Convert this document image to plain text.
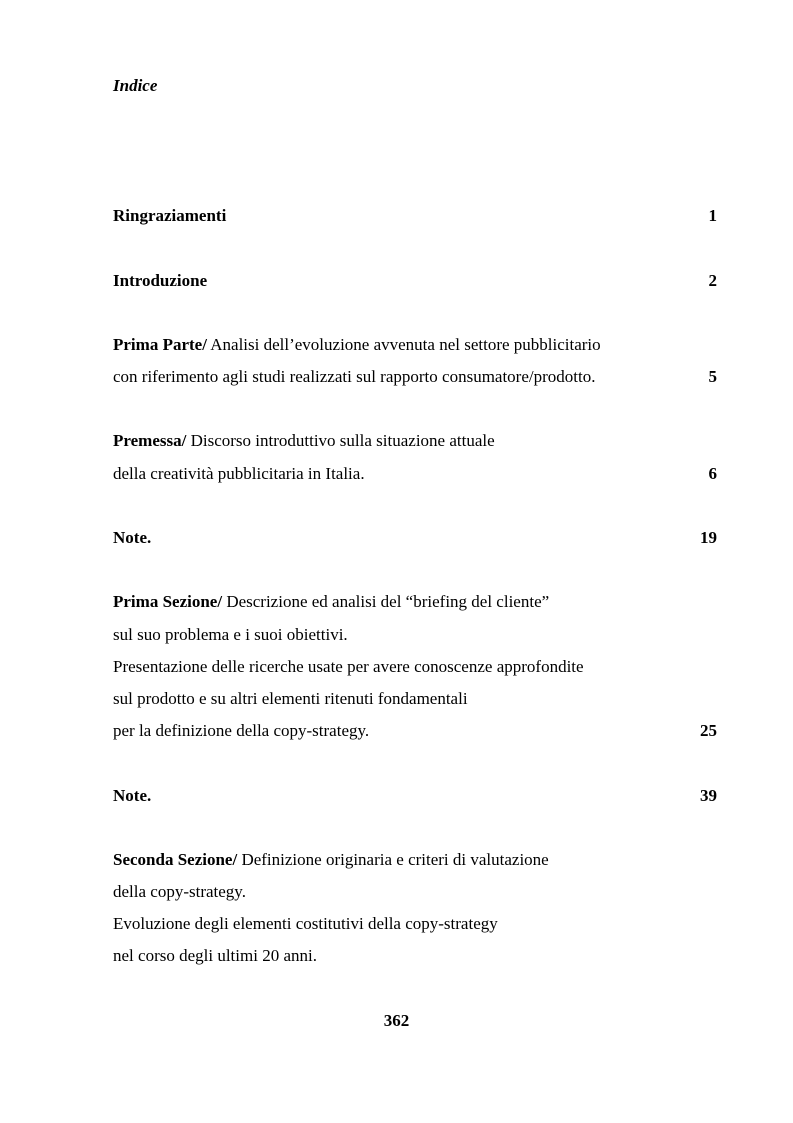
Indice
Ringraziamenti	1
Introduzione	2
Prima Parte/ Analisi dell’evoluzione avvenuta nel settore pubblicitario
con riferimento agli studi realizzati sul rapporto consumatore/prodotto.	5
Premessa/ Discorso introduttivo sulla situazione attuale
della creatività pubblicitaria in Italia.	6
Note.	19
Prima Sezione/ Descrizione ed analisi del “briefing del cliente”
sul suo problema e i suoi obiettivi.
Presentazione delle ricerche usate per avere conoscenze approfondite
sul prodotto e su altri elementi ritenuti fondamentali
per la definizione della copy-strategy.	25
Note.	39
Seconda Sezione/ Definizione originaria e criteri di valutazione
della copy-strategy.
Evoluzione degli elementi costitutivi della copy-strategy
nel corso degli ultimi 20 anni.
362
